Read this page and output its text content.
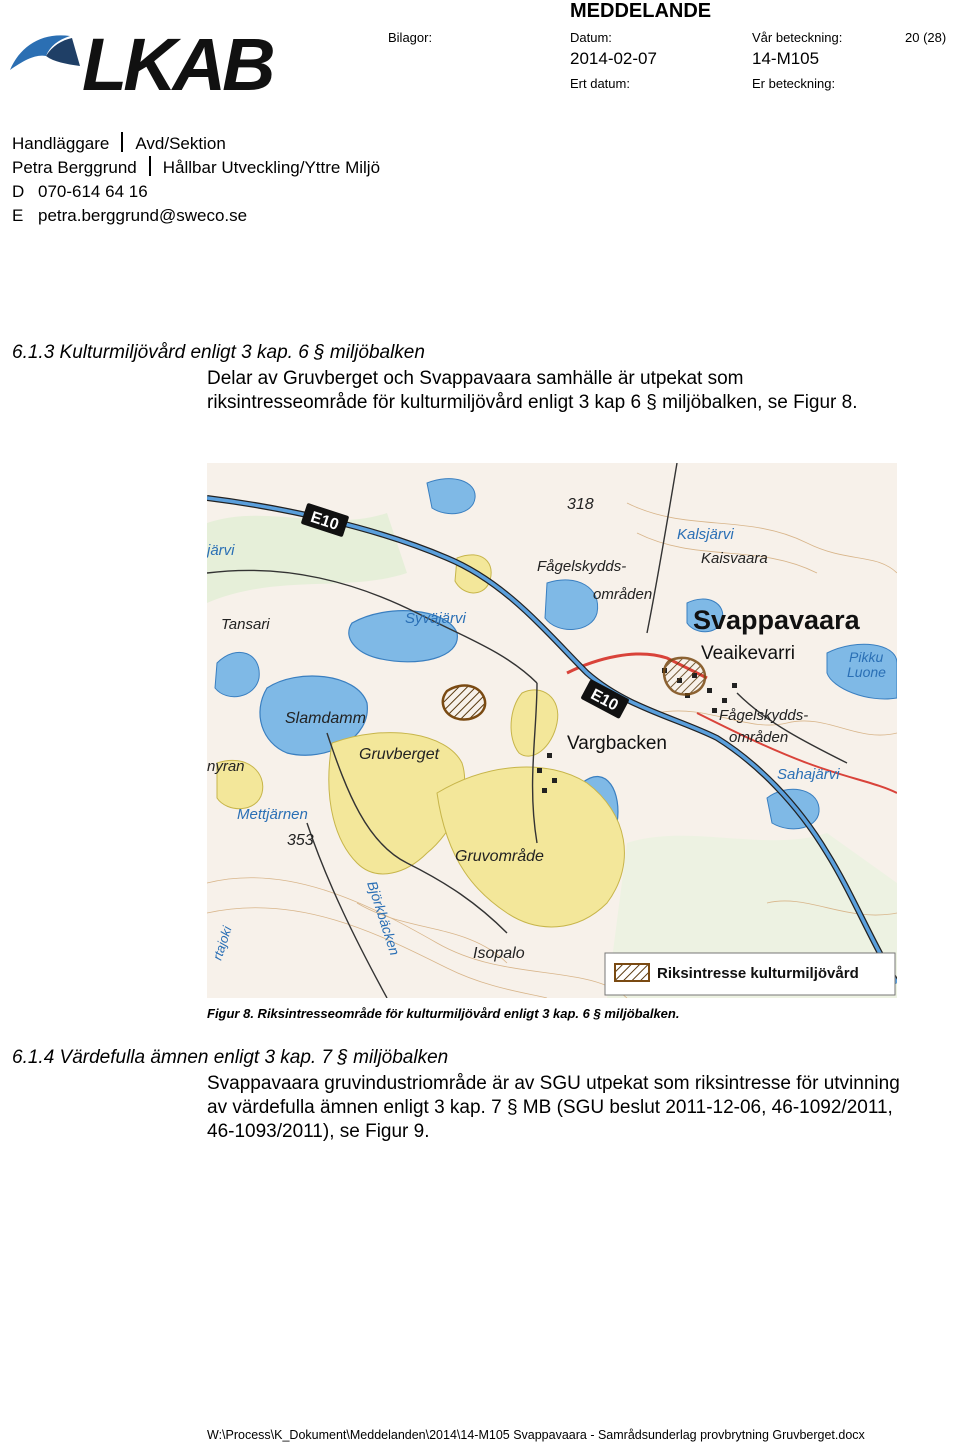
LKAB
MEDDELANDE
Bilagor:	Datum:	Vår beteckning:	20 (28)
2014-02-07	14-M105
Ert datum:	Er beteckning:
Handläggare Avd/Sektion
Petra Berggrund Hållbar Utveckling/Yttre Miljö
D 070-614 64 16
E petra.berggrund@sweco.se
6.1.3 Kulturmiljövård enligt 3 kap. 6 § miljöbalken
Delar av Gruvberget och Svappavaara samhälle är utpekat som riksintresseområde för kulturmiljövård enligt 3 kap 6 § miljöbalken, se Figur 8.
E10
E10
318
järvi
Fågelskydds-
områden
Kalsjärvi
Kaisvaara
Svappavaara
Veaikevarri	Pikku
Luone
Tansari	Syväjärvi
Slamdamm
Vargbacken
Fågelskydds-
områden
Gruvberget
nyran	Sahajärvi
Mettjärnen
353
Gruvområde
Björkbäcken
rtajoki	Isopalo
Riksintresse kulturmiljövård
Figur 8. Riksintresseområde för kulturmiljövård enligt 3 kap. 6 § miljöbalken.
6.1.4 Värdefulla ämnen enligt 3 kap. 7 § miljöbalken
Svappavaara gruvindustriområde är av SGU utpekat som riksintresse för utvinning av värdefulla ämnen enligt 3 kap. 7 § MB (SGU beslut 2011-12-06, 46-1092/2011, 46-1093/2011), se Figur 9.
W:\Process\K_Dokument\Meddelanden\2014\14-M105 Svappavaara - Samrådsunderlag provbrytning Gruvberget.docx
